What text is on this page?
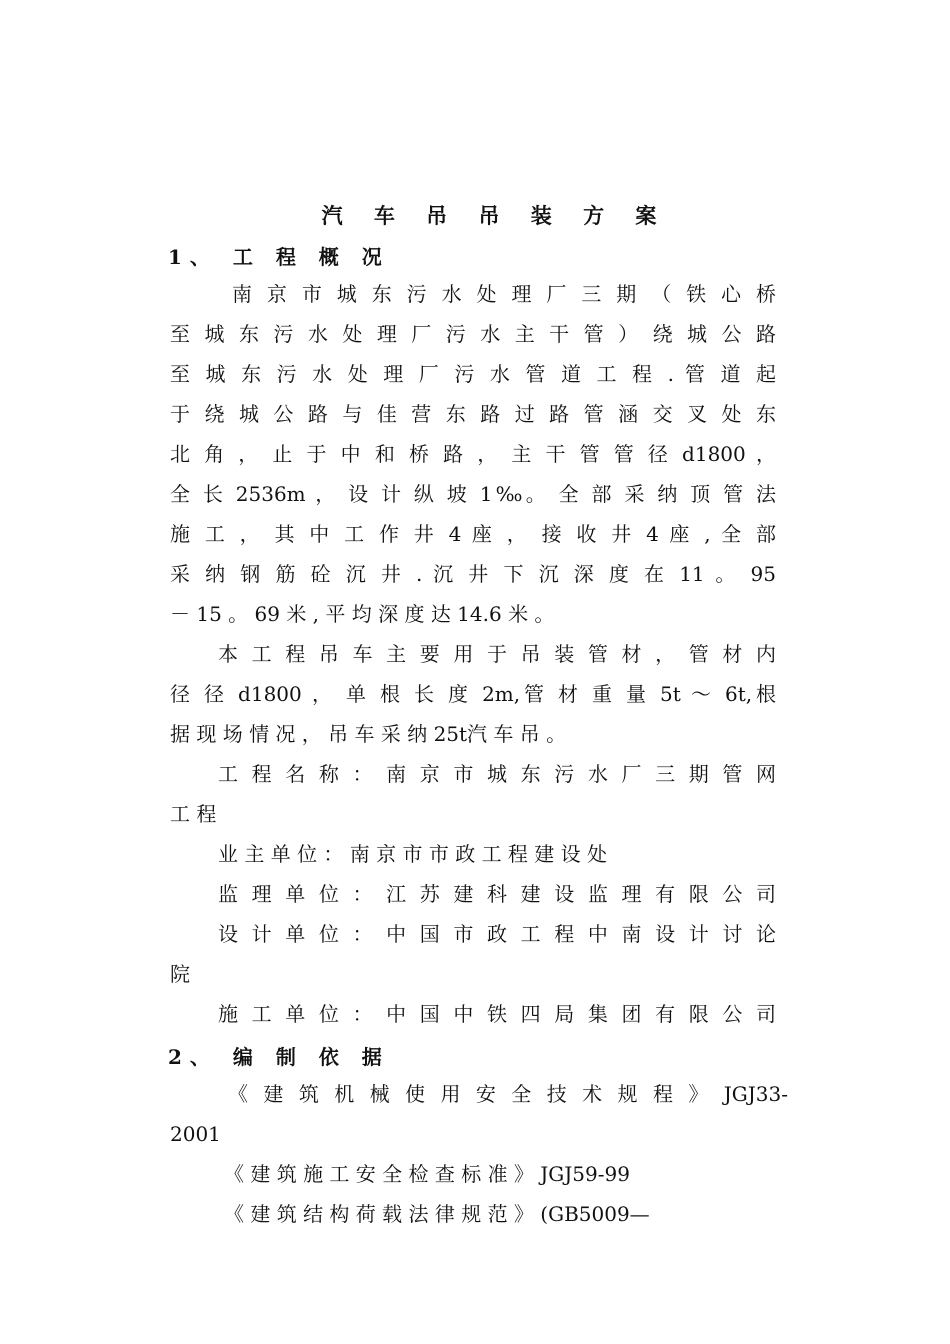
汽 车 吊 吊 装 方 案
1、 工 程 概 况
南 京 市 城 东 污 水 处 理 厂 三 期 （ 铁 心 桥
至 城 东 污 水 处 理 厂 污 水 主 干 管 ） 绕 城 公 路
至 城 东 污 水 处 理 厂 污 水 管 道 工 程 . 管 道 起
于 绕 城 公 路 与 佳 营 东 路 过 路 管 涵 交 叉 处 东
北 角 ， 止 于 中 和 桥 路 ， 主 干 管 管 径 d1800 ，
全 长 2536m ， 设 计 纵 坡 1‰。 全 部 采 纳 顶 管 法
施 工 ， 其 中 工 作 井 4 座 ， 接 收 井 4 座 , 全 部
采 纳 钢 筋 砼 沉 井 . 沉 井 下 沉 深 度 在 11 。 95
－ 15 。 69 米 , 平 均 深 度 达 14.6 米 。
本 工 程 吊 车 主 要 用 于 吊 装 管 材 ， 管 材 内
径 径 d1800 ， 单 根 长 度 2m,管 材 重 量 5t ～ 6t,根
据 现 场 情 况 ， 吊 车 采 纳 25t汽 车 吊 。
工 程 名 称 ： 南 京 市 城 东 污 水 厂 三 期 管 网
工 程
业 主 单 位 ： 南 京 市 市 政 工 程 建 设 处
监 理 单 位 ： 江 苏 建 科 建 设 监 理 有 限 公 司
设 计 单 位 ： 中 国 市 政 工 程 中 南 设 计 讨 论
院
施 工 单 位 ： 中 国 中 铁 四 局 集 团 有 限 公 司
2、 编 制 依 据
《 建 筑 机 械 使 用 安 全 技 术 规 程 》 JGJ33-
2001
《 建 筑 施 工 安 全 检 查 标 准 》 JGJ59-99
《 建 筑 结 构 荷 载 法 律 规 范 》 (GB5009—
